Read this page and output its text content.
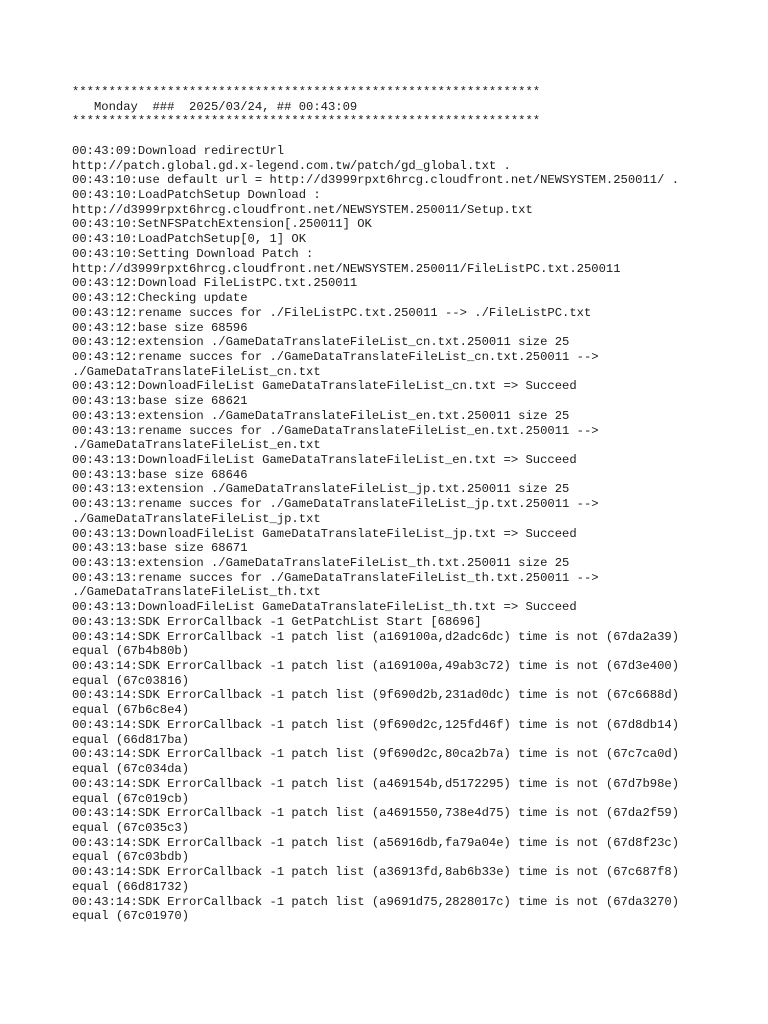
****************************************************************
Monday  ###  2025/03/24, ## 00:43:09
****************************************************************
00:43:09:Download redirectUrl
http://patch.global.gd.x-legend.com.tw/patch/gd_global.txt .
00:43:10:use default url = http://d3999rpxt6hrcg.cloudfront.net/NEWSYSTEM.250011/ .
00:43:10:LoadPatchSetup Download :
http://d3999rpxt6hrcg.cloudfront.net/NEWSYSTEM.250011/Setup.txt
00:43:10:SetNFSPatchExtension[.250011] OK
00:43:10:LoadPatchSetup[0, 1] OK
00:43:10:Setting Download Patch :
http://d3999rpxt6hrcg.cloudfront.net/NEWSYSTEM.250011/FileListPC.txt.250011
00:43:12:Download FileListPC.txt.250011
00:43:12:Checking update
00:43:12:rename succes for ./FileListPC.txt.250011 --> ./FileListPC.txt
00:43:12:base size 68596
00:43:12:extension ./GameDataTranslateFileList_cn.txt.250011 size 25
00:43:12:rename succes for ./GameDataTranslateFileList_cn.txt.250011 -->
./GameDataTranslateFileList_cn.txt
00:43:12:DownloadFileList GameDataTranslateFileList_cn.txt => Succeed
00:43:13:base size 68621
00:43:13:extension ./GameDataTranslateFileList_en.txt.250011 size 25
00:43:13:rename succes for ./GameDataTranslateFileList_en.txt.250011 -->
./GameDataTranslateFileList_en.txt
00:43:13:DownloadFileList GameDataTranslateFileList_en.txt => Succeed
00:43:13:base size 68646
00:43:13:extension ./GameDataTranslateFileList_jp.txt.250011 size 25
00:43:13:rename succes for ./GameDataTranslateFileList_jp.txt.250011 -->
./GameDataTranslateFileList_jp.txt
00:43:13:DownloadFileList GameDataTranslateFileList_jp.txt => Succeed
00:43:13:base size 68671
00:43:13:extension ./GameDataTranslateFileList_th.txt.250011 size 25
00:43:13:rename succes for ./GameDataTranslateFileList_th.txt.250011 -->
./GameDataTranslateFileList_th.txt
00:43:13:DownloadFileList GameDataTranslateFileList_th.txt => Succeed
00:43:13:SDK ErrorCallback -1 GetPatchList Start [68696]
00:43:14:SDK ErrorCallback -1 patch list (a169100a,d2adc6dc) time is not (67da2a39)
equal (67b4b80b)
00:43:14:SDK ErrorCallback -1 patch list (a169100a,49ab3c72) time is not (67d3e400)
equal (67c03816)
00:43:14:SDK ErrorCallback -1 patch list (9f690d2b,231ad0dc) time is not (67c6688d)
equal (67b6c8e4)
00:43:14:SDK ErrorCallback -1 patch list (9f690d2c,125fd46f) time is not (67d8db14)
equal (66d817ba)
00:43:14:SDK ErrorCallback -1 patch list (9f690d2c,80ca2b7a) time is not (67c7ca0d)
equal (67c034da)
00:43:14:SDK ErrorCallback -1 patch list (a469154b,d5172295) time is not (67d7b98e)
equal (67c019cb)
00:43:14:SDK ErrorCallback -1 patch list (a4691550,738e4d75) time is not (67da2f59)
equal (67c035c3)
00:43:14:SDK ErrorCallback -1 patch list (a56916db,fa79a04e) time is not (67d8f23c)
equal (67c03bdb)
00:43:14:SDK ErrorCallback -1 patch list (a36913fd,8ab6b33e) time is not (67c687f8)
equal (66d81732)
00:43:14:SDK ErrorCallback -1 patch list (a9691d75,2828017c) time is not (67da3270)
equal (67c01970)
